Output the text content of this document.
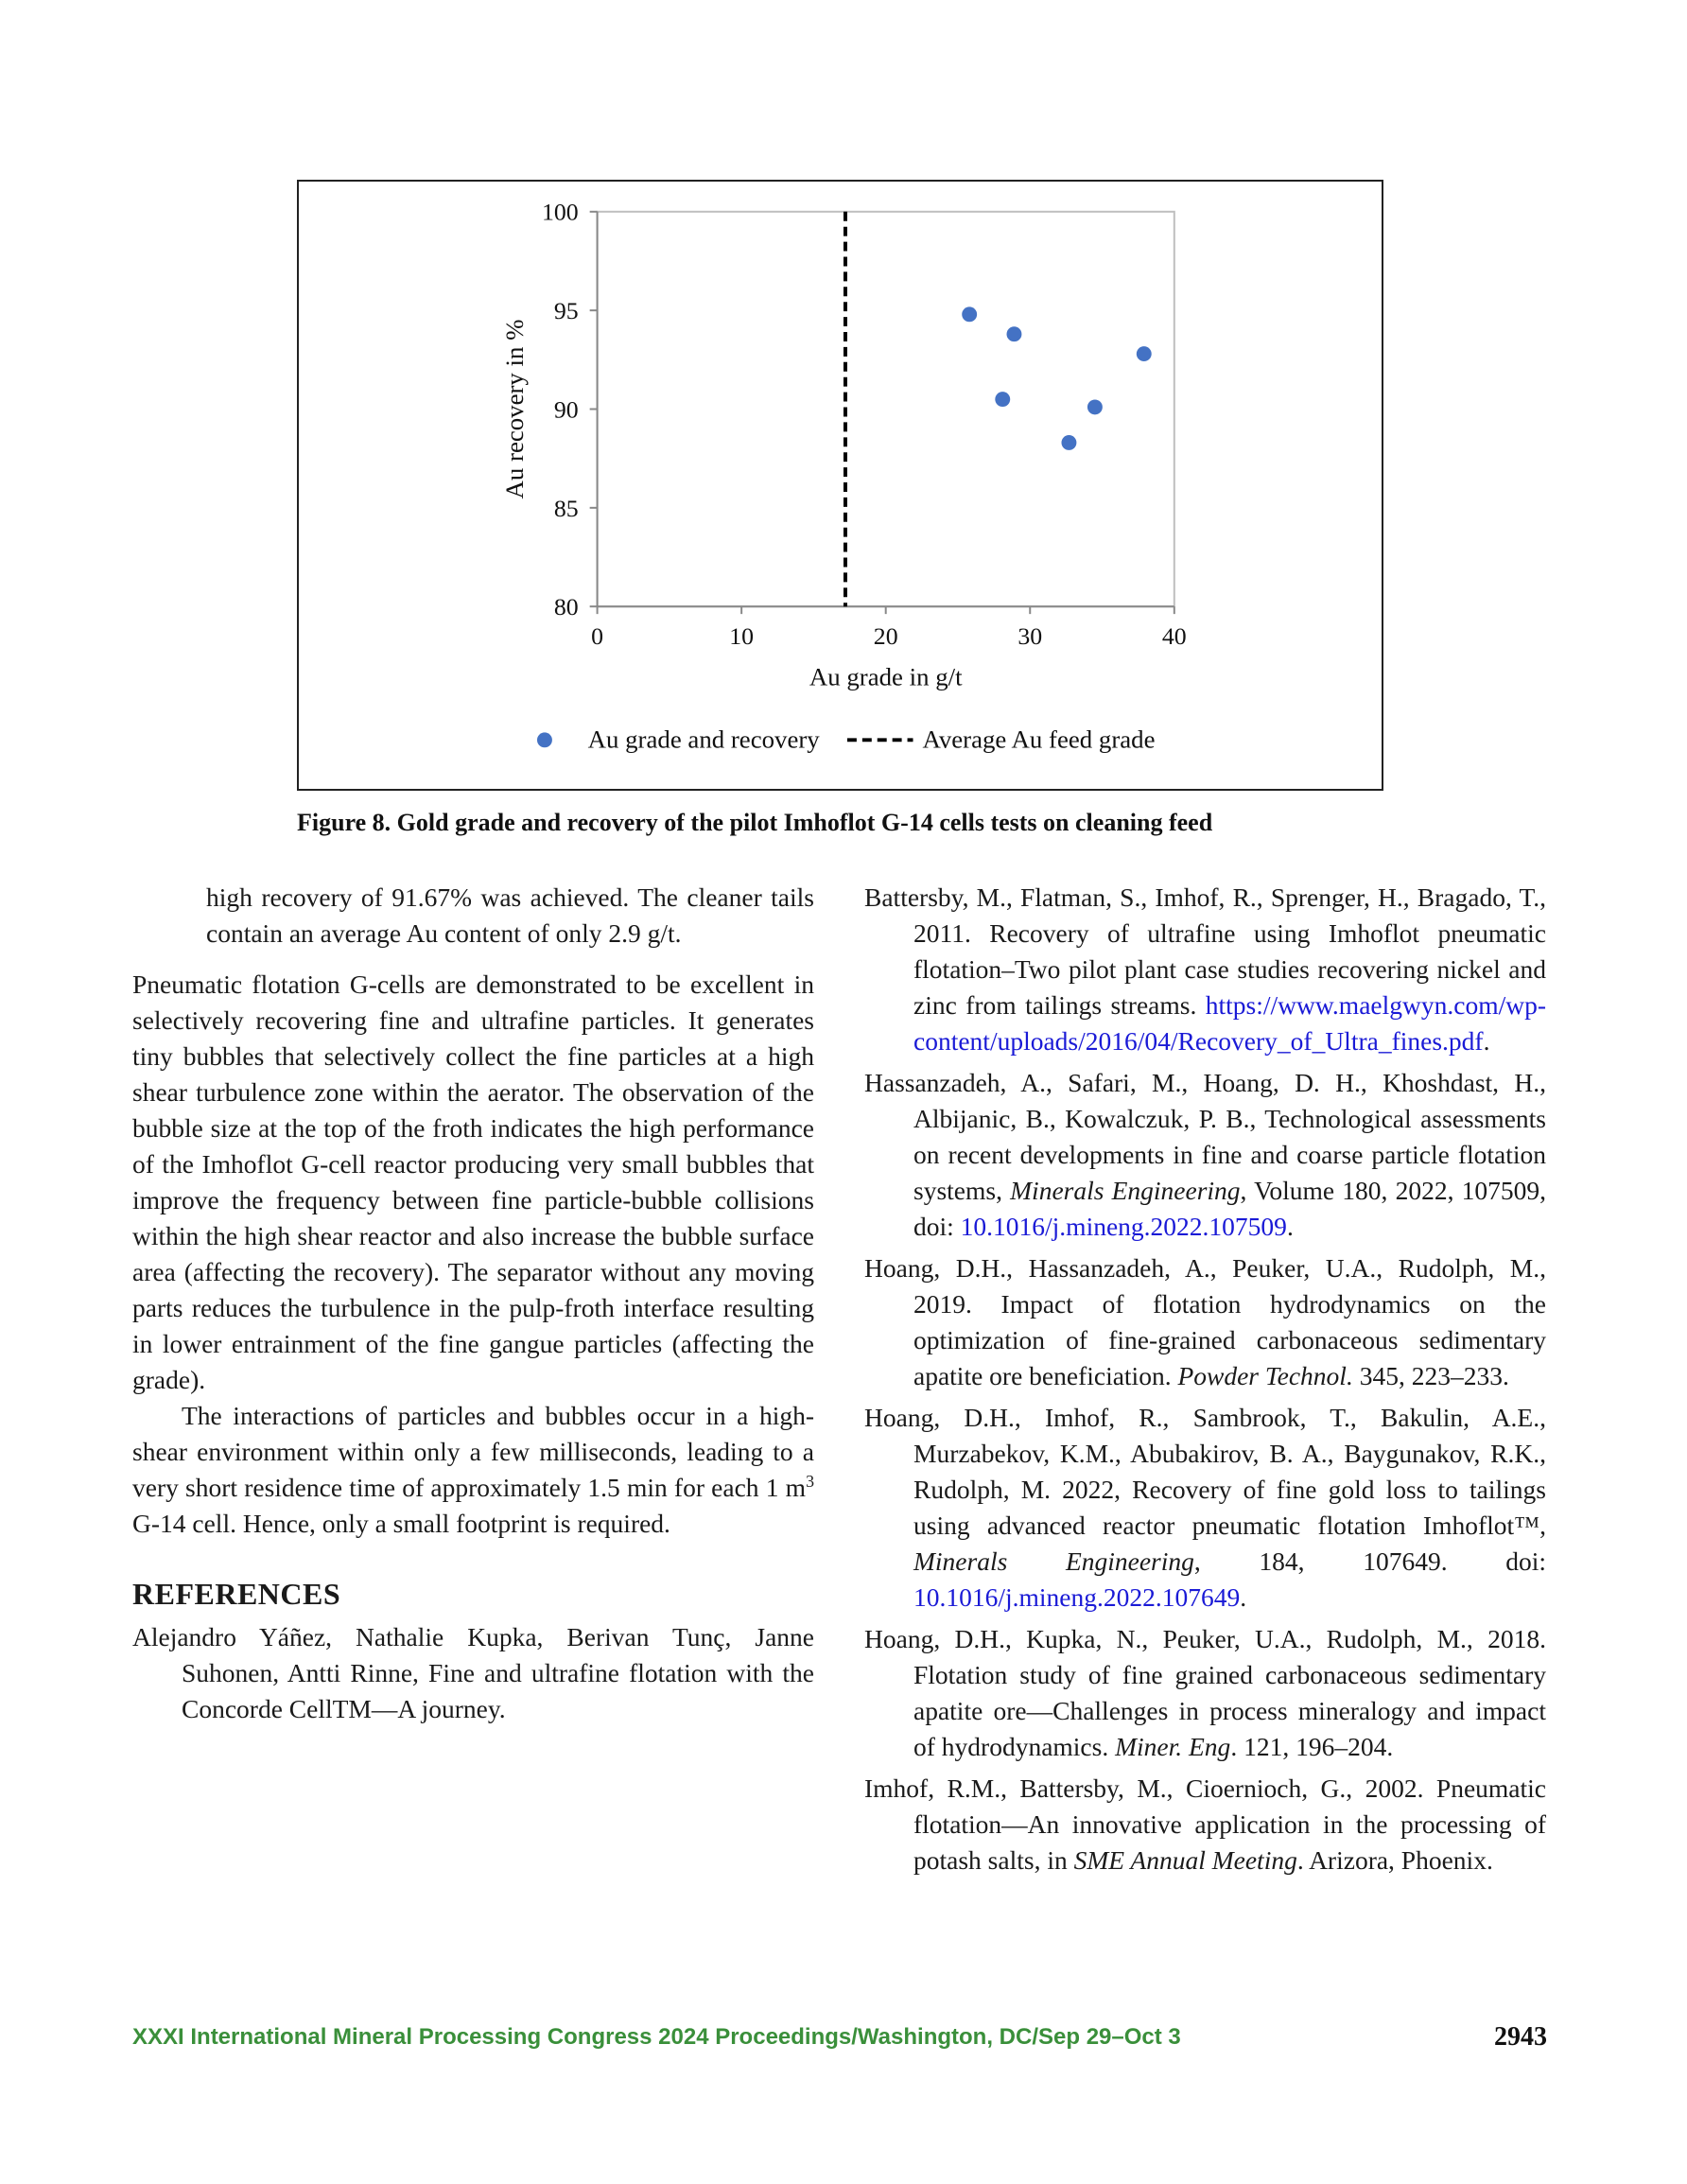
80
85
90
95
100
0	10	20	30	40
Au grade in g/t
Au recovery in %
Au grade and recovery	Average Au feed grade
Figure 8. Gold grade and recovery of the pilot Imhoflot G-14 cells tests on cleaning feed

high recovery of 91.67% was achieved. The cleaner tails contain an average Au content of only 2.9 g/t.

Pneumatic flotation G-cells are demonstrated to be excellent in selectively recovering fine and ultrafine particles. It generates tiny bubbles that selectively collect the fine particles at a high shear turbulence zone within the aerator. The observation of the bubble size at the top of the froth indicates the high performance of the Imhoflot G-cell reactor producing very small bubbles that improve the frequency between fine particle-bubble collisions within the high shear reactor and also increase the bubble surface area (affecting the recovery). The separator without any moving parts reduces the turbulence in the pulp-froth interface resulting in lower entrainment of the fine gangue particles (affecting the grade).

The interactions of particles and bubbles occur in a high-shear environment within only a few milliseconds, leading to a very short residence time of approximately 1.5 min for each 1 $m^3$ G-14 cell. Hence, only a small footprint is required.

REFERENCES

Alejandro Yáñez, Nathalie Kupka, Berivan Tunç, Janne Suhonen, Antti Rinne, Fine and ultrafine flotation with the Concorde CellTM—A journey.

Battersby, M., Flatman, S., Imhof, R., Sprenger, H., Bragado, T., 2011. Recovery of ultrafine using Imhoflot pneumatic flotation–Two pilot plant case studies recovering nickel and zinc from tailings streams. https://www.maelgwyn.com/wp-content/uploads/2016/04/Recovery_of_Ultra_fines.pdf.

Hassanzadeh, A., Safari, M., Hoang, D. H., Khoshdast, H., Albijanic, B., Kowalczuk, P. B., Technological assessments on recent developments in fine and coarse particle flotation systems, Minerals Engineering, Volume 180, 2022, 107509, doi: 10.1016/j.mineng.2022.107509.

Hoang, D.H., Hassanzadeh, A., Peuker, U.A., Rudolph, M., 2019. Impact of flotation hydrodynamics on the optimization of fine-grained carbonaceous sedimentary apatite ore beneficiation. Powder Technol. 345, 223–233.

Hoang, D.H., Imhof, R., Sambrook, T., Bakulin, A.E., Murzabekov, K.M., Abubakirov, B. A., Baygunakov, R.K., Rudolph, M. 2022, Recovery of fine gold loss to tailings using advanced reactor pneumatic flotation Imhoflot™, Minerals Engineering, 184, 107649. doi: 10.1016/j.mineng.2022.107649.

Hoang, D.H., Kupka, N., Peuker, U.A., Rudolph, M., 2018. Flotation study of fine grained carbonaceous sedimentary apatite ore—Challenges in process mineralogy and impact of hydrodynamics. Miner. Eng. 121, 196–204.

Imhof, R.M., Battersby, M., Cioernioch, G., 2002. Pneumatic flotation—An innovative application in the processing of potash salts, in SME Annual Meeting. Arizora, Phoenix.

XXXI International Mineral Processing Congress 2024 Proceedings/Washington, DC/Sep 29–Oct 3	2943
